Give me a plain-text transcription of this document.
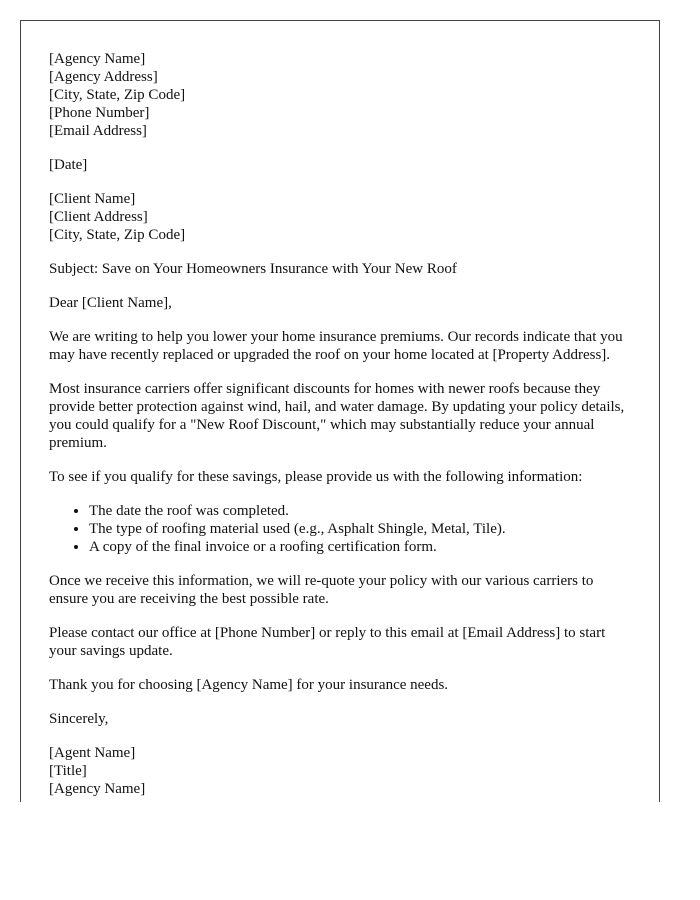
[Agency Name]
[Agency Address]
[City, State, Zip Code]
[Phone Number]
[Email Address]
[Date]
[Client Name]
[Client Address]
[City, State, Zip Code]

Subject: Save on Your Homeowners Insurance with Your New Roof

Dear [Client Name],

We are writing to help you lower your home insurance premiums. Our records indicate that you may have recently replaced or upgraded the roof on your home located at [Property Address].

Most insurance carriers offer significant discounts for homes with newer roofs because they provide better protection against wind, hail, and water damage. By updating your policy details, you could qualify for a "New Roof Discount," which may substantially reduce your annual premium.

To see if you qualify for these savings, please provide us with the following information:

• The date the roof was completed.
• The type of roofing material used (e.g., Asphalt Shingle, Metal, Tile).
• A copy of the final invoice or a roofing certification form.

Once we receive this information, we will re-quote your policy with our various carriers to ensure you are receiving the best possible rate.

Please contact our office at [Phone Number] or reply to this email at [Email Address] to start your savings update.

Thank you for choosing [Agency Name] for your insurance needs.

Sincerely,

[Agent Name]
[Title]
[Agency Name]
